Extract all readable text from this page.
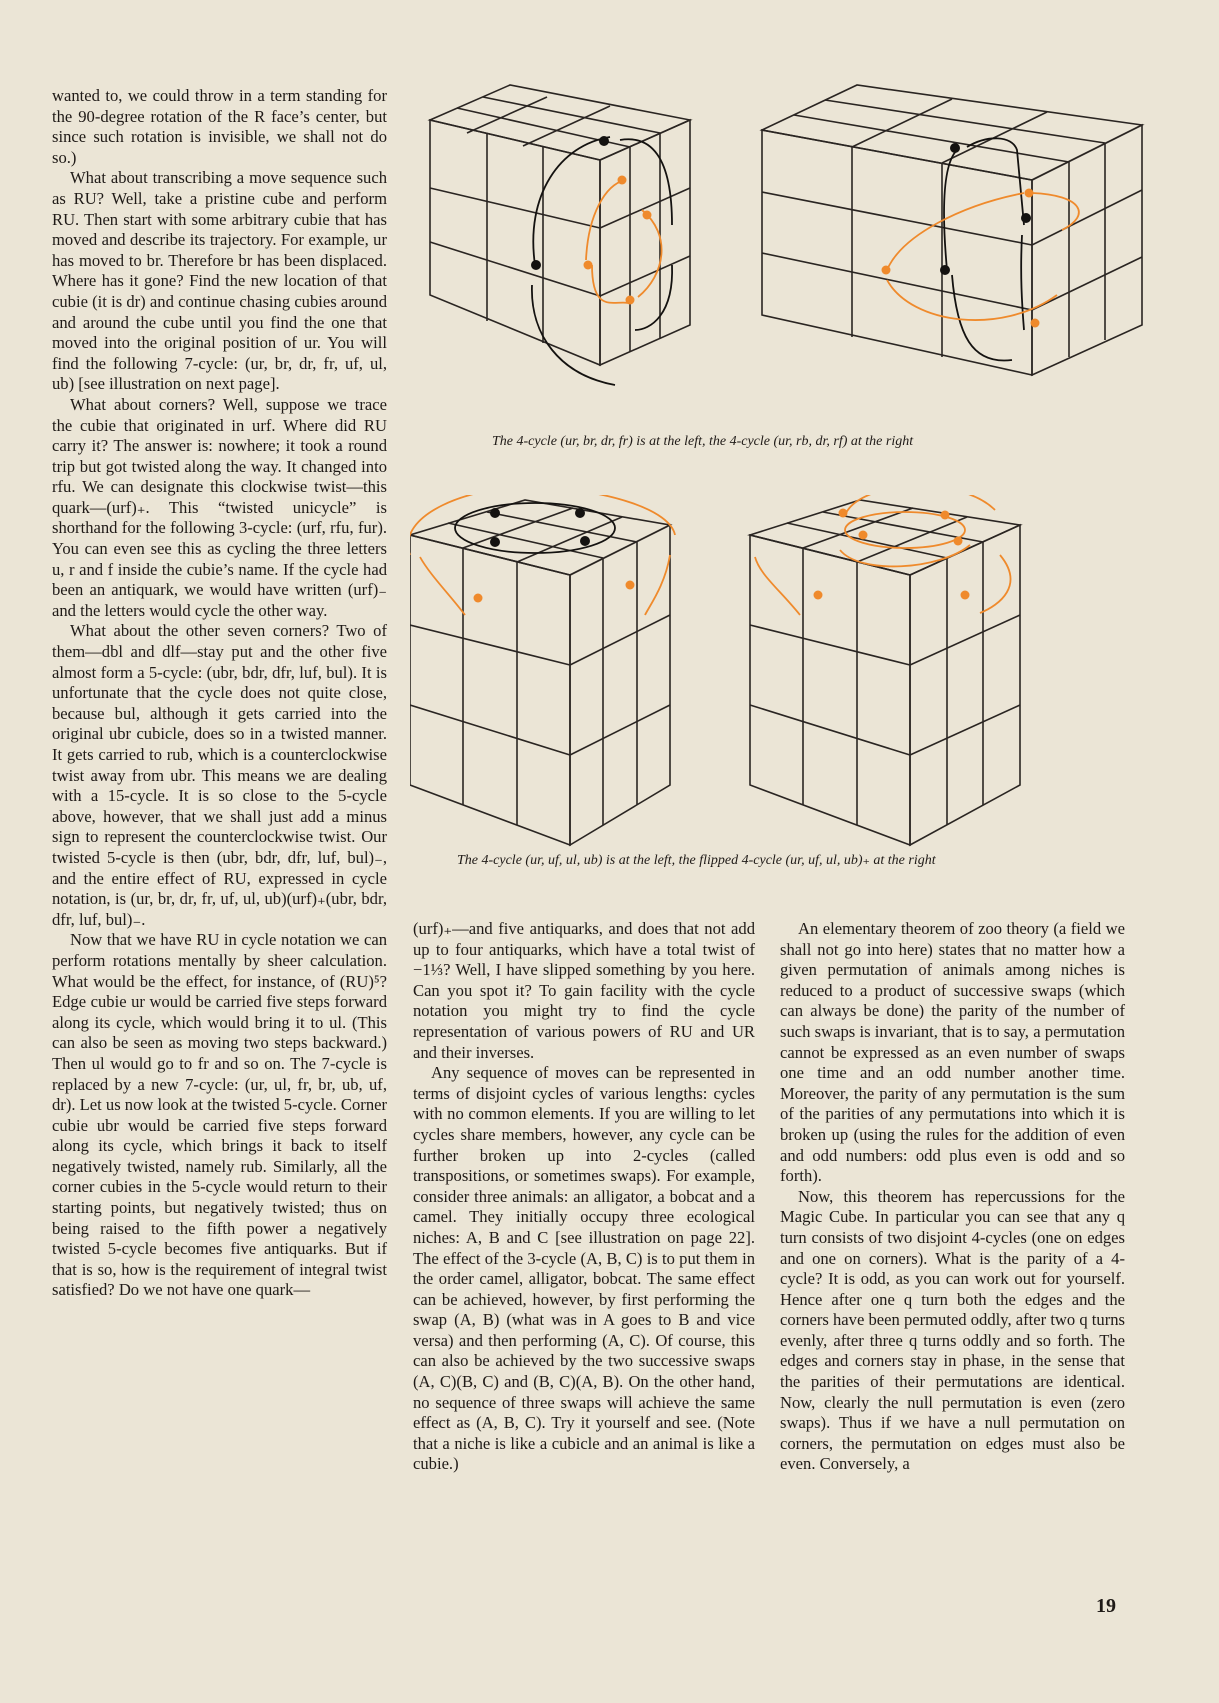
wanted to, we could throw in a term standing for the 90-degree rotation of the R face’s center, but since such rotation is invisible, we shall not do so.)

What about transcribing a move sequence such as RU? Well, take a pristine cube and perform RU. Then start with some arbitrary cubie that has moved and describe its trajectory. For example, ur has moved to br. Therefore br has been displaced. Where has it gone? Find the new location of that cubie (it is dr) and continue chasing cubies around and around the cube until you find the one that moved into the original position of ur. You will find the following 7-cycle: (ur, br, dr, fr, uf, ul, ub) [see illustration on next page].

What about corners? Well, suppose we trace the cubie that originated in urf. Where did RU carry it? The answer is: nowhere; it took a round trip but got twisted along the way. It changed into rfu. We can designate this clockwise twist—this quark—(urf)₊. This “twisted unicycle” is shorthand for the following 3-cycle: (urf, rfu, fur). You can even see this as cycling the three letters u, r and f inside the cubie’s name. If the cycle had been an antiquark, we would have written (urf)₋ and the letters would cycle the other way.

What about the other seven corners? Two of them—dbl and dlf—stay put and the other five almost form a 5-cycle: (ubr, bdr, dfr, luf, bul). It is unfortunate that the cycle does not quite close, because bul, although it gets carried into the original ubr cubicle, does so in a twisted manner. It gets carried to rub, which is a counterclockwise twist away from ubr. This means we are dealing with a 15-cycle. It is so close to the 5-cycle above, however, that we shall just add a minus sign to represent the counterclockwise twist. Our twisted 5-cycle is then (ubr, bdr, dfr, luf, bul)₋, and the entire effect of RU, expressed in cycle notation, is (ur, br, dr, fr, uf, ul, ub)(urf)₊(ubr, bdr, dfr, luf, bul)₋.

Now that we have RU in cycle notation we can perform rotations mentally by sheer calculation. What would be the effect, for instance, of (RU)⁵? Edge cubie ur would be carried five steps forward along its cycle, which would bring it to ul. (This can also be seen as moving two steps backward.) Then ul would go to fr and so on. The 7-cycle is replaced by a new 7-cycle: (ur, ul, fr, br, ub, uf, dr). Let us now look at the twisted 5-cycle. Corner cubie ubr would be carried five steps forward along its cycle, which brings it back to itself negatively twisted, namely rub. Similarly, all the corner cubies in the 5-cycle would return to their starting points, but negatively twisted; thus on being raised to the fifth power a negatively twisted 5-cycle becomes five antiquarks. But if that is so, how is the requirement of integral twist satisfied? Do we not have one quark—

The 4-cycle (ur, br, dr, fr) is at the left, the 4-cycle (ur, rb, dr, rf) at the right
The 4-cycle (ur, uf, ul, ub) is at the left, the flipped 4-cycle (ur, uf, ul, ub)₊ at the right

(urf)₊—and five antiquarks, and does that not add up to four antiquarks, which have a total twist of −1⅓? Well, I have slipped something by you here. Can you spot it? To gain facility with the cycle notation you might try to find the cycle representation of various powers of RU and UR and their inverses.

Any sequence of moves can be represented in terms of disjoint cycles of various lengths: cycles with no common elements. If you are willing to let cycles share members, however, any cycle can be further broken up into 2-cycles (called transpositions, or sometimes swaps). For example, consider three animals: an alligator, a bobcat and a camel. They initially occupy three ecological niches: A, B and C [see illustration on page 22]. The effect of the 3-cycle (A, B, C) is to put them in the order camel, alligator, bobcat. The same effect can be achieved, however, by first performing the swap (A, B) (what was in A goes to B and vice versa) and then performing (A, C). Of course, this can also be achieved by the two successive swaps (A, C)(B, C) and (B, C)(A, B). On the other hand, no sequence of three swaps will achieve the same effect as (A, B, C). Try it yourself and see. (Note that a niche is like a cubicle and an animal is like a cubie.)

An elementary theorem of zoo theory (a field we shall not go into here) states that no matter how a given permutation of animals among niches is reduced to a product of successive swaps (which can always be done) the parity of the number of such swaps is invariant, that is to say, a permutation cannot be expressed as an even number of swaps one time and an odd number another time. Moreover, the parity of any permutation is the sum of the parities of any permutations into which it is broken up (using the rules for the addition of even and odd numbers: odd plus even is odd and so forth).

Now, this theorem has repercussions for the Magic Cube. In particular you can see that any q turn consists of two disjoint 4-cycles (one on edges and one on corners). What is the parity of a 4-cycle? It is odd, as you can work out for yourself. Hence after one q turn both the edges and the corners have been permuted oddly, after two q turns evenly, after three q turns oddly and so forth. The edges and corners stay in phase, in the sense that the parities of their permutations are identical. Now, clearly the null permutation is even (zero swaps). Thus if we have a null permutation on corners, the permutation on edges must also be even. Conversely, a

19
